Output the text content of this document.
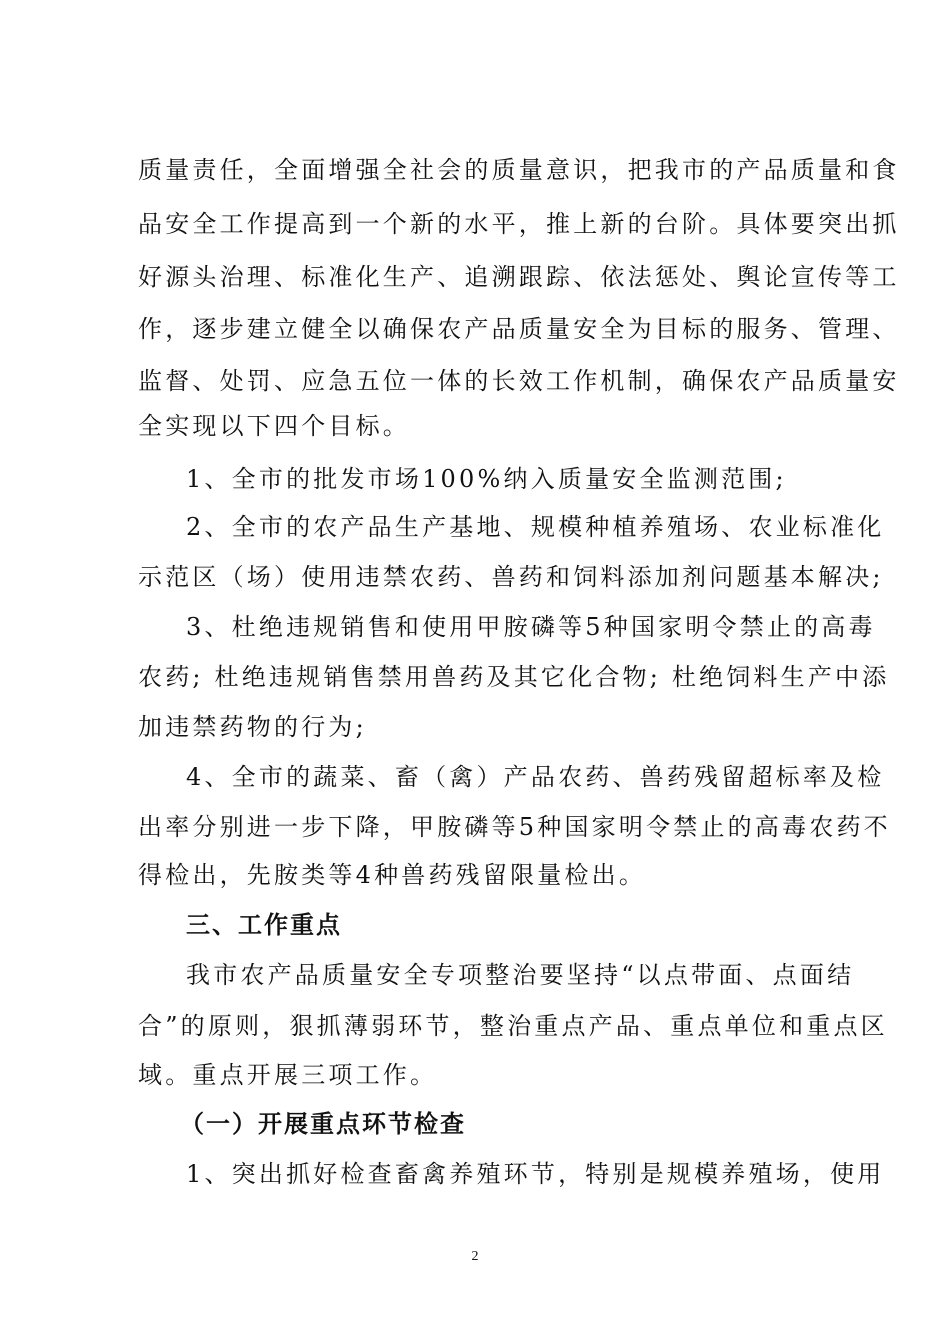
质量责任，全面增强全社会的质量意识，把我市的产品质量和食
品安全工作提高到一个新的水平，推上新的台阶。具体要突出抓
好源头治理、标准化生产、追溯跟踪、依法惩处、舆论宣传等工
作，逐步建立健全以确保农产品质量安全为目标的服务、管理、
监督、处罚、应急五位一体的长效工作机制，确保农产品质量安
全实现以下四个目标。
1、全市的批发市场100%纳入质量安全监测范围;
2、全市的农产品生产基地、规模种植养殖场、农业标准化
示范区（场）使用违禁农药、兽药和饲料添加剂问题基本解决;
3、杜绝违规销售和使用甲胺磷等5种国家明令禁止的高毒
农药; 杜绝违规销售禁用兽药及其它化合物; 杜绝饲料生产中添
加违禁药物的行为;
4、全市的蔬菜、畜（禽）产品农药、兽药残留超标率及检
出率分别进一步下降，甲胺磷等5种国家明令禁止的高毒农药不
得检出，先胺类等4种兽药残留限量检出。
三、工作重点
我市农产品质量安全专项整治要坚持“以点带面、点面结
合”的原则，狠抓薄弱环节，整治重点产品、重点单位和重点区
域。重点开展三项工作。
（一）开展重点环节检查
1、突出抓好检查畜禽养殖环节，特别是规模养殖场，使用
2
